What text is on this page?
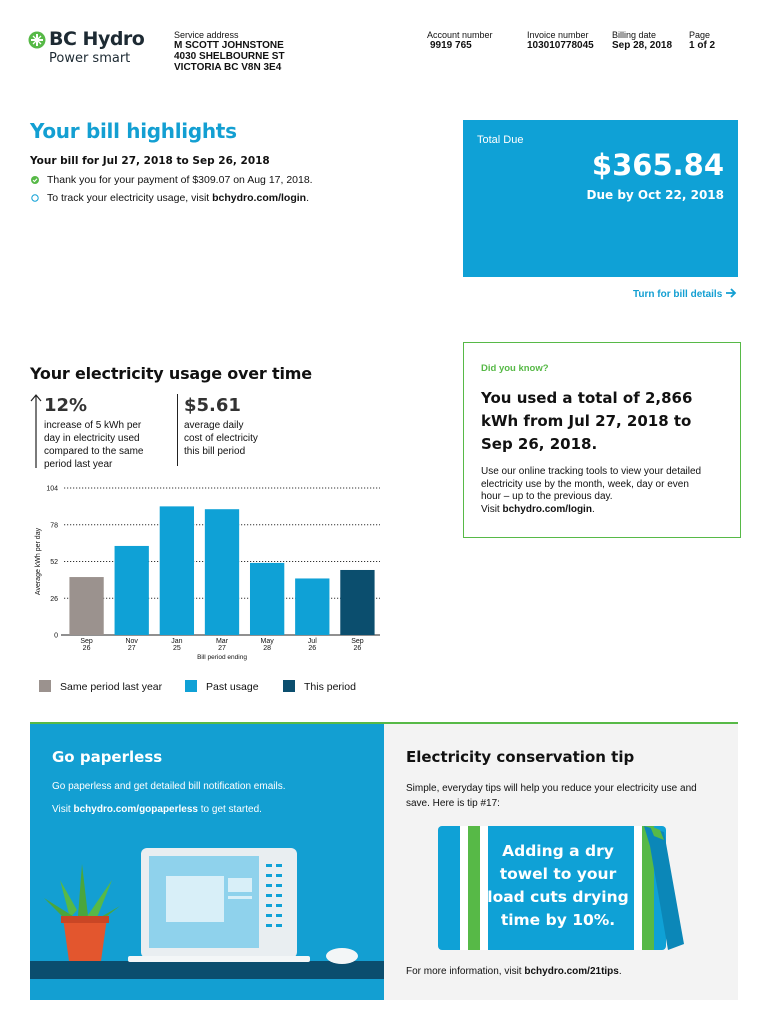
BC Hydro
Power smart
Service address
M SCOTT JOHNSTONE
4030 SHELBOURNE ST
VICTORIA BC V8N 3E4
Account number
9919 765
Invoice number
103010778045
Billing date
Sep 28, 2018
Page
1 of 2
Your bill highlights
Your bill for Jul 27, 2018 to Sep 26, 2018
Thank you for your payment of $309.07 on Aug 17, 2018.
To track your electricity usage, visit bchydro.com/login.
Total Due
$365.84
Due by Oct 22, 2018
Turn for bill details
Your electricity usage over time
12%
increase of 5 kWh per
day in electricity used
compared to the same
period last year
$5.61
average daily
cost of electricity
this bill period
Average kWh per day
0
26
52
78
104
Sep
26
Nov
27
Jan
25
Mar
27
May
28
Jul
26
Sep
26
Bill period ending
Same period last year	Past usage	This period
Did you know?
You used a total of 2,866
kWh from Jul 27, 2018 to
Sep 26, 2018.
Use our online tracking tools to view your detailed
electricity use by the month, week, day or even
hour – up to the previous day.
Visit bchydro.com/login.
Go paperless
Go paperless and get detailed bill notification emails.
Visit bchydro.com/gopaperless to get started.
Electricity conservation tip
Simple, everyday tips will help you reduce your electricity use and
save. Here is tip #17:
Adding a dry
towel to your
load cuts drying
time by 10%.
For more information, visit bchydro.com/21tips.
